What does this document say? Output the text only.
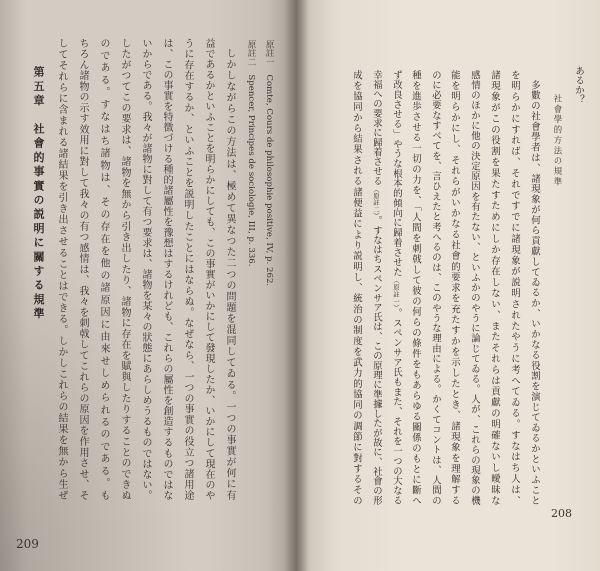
原註一　Comte, Cours de philosophie positive, IV, p. 262.
原註二　Spencer, Principes de sociologie, III, p. 336.
しかしながらこの方法は、極めて異なつた二つの問題を混同してゐる。一つの事實が何に有
益であるかといふことを明らかにしても、この事實がいかにして發現したか、いかにして現在のや
うに存在するか、といふことを説明したことにはならぬ。なぜなら、一つの事實の役立つ諸用途
は、この事實を特徴づける種的諸屬性を豫想はするけれども、これらの屬性を創造するものではな
いからである。我々が諸物に對して有つ要求は、諸物を某々の狀態にあらしめうるものではない。
したがつてこの要求は、諸物を無から引き出したり、諸物に存在を賦與したりすることのできぬ
のである。すなはち諸物は、その存在を他の諸原因に由來せしめられるのである。も
ちろん諸物の示す效用に對して我々の有つ感情は、我々を刺戟してこれらの原因を作用させ、そ
してそれらに含まれる諸結果を引き出させることはできる。しかしこれらの結果を無から生ぜ
第五章　社會的事實の説明に關する規準
209
あるか？
社會學的方法の規準
多數の社會學者は、諸現象が何ら貢獻してゐるか、いかなる役割を演じてゐるかといふこと
を明らかにすれば、それですでに諸現象が説明されたやうに考へてゐる。すなはち人は、
諸現象がこの役割を果たすためにしか存在しない、またそれらは貢獻の明確ないし曖昧な
感情のほかに他の決定原因を有たない、といふかのやうに論じてゐる。人が、これらの現象の機
能を明らかにし、それらがいかなる社會的要求を充たすかを示したとき、諸現象を理解する
のに必要なすべてを、言ひえたと考へるのは、このやうな理由による。かくてコントは、人間の
種を進歩させる一切の力を、「人間を刺戟して彼の何らの條件をもあらゆる關係のもとに斷へ
ず改良させる」やうな根本的傾向に歸着させた（原註一）。スペンサア氏もまた、それを一つの大なる
幸福への要求に歸着させる（原註二）。すなはちスペンサア氏は、この原理に準據したが故に、社會の形
成を協同から結果される諸便益により説明し、統治の制度を武力的協同の調節に對するその
208
